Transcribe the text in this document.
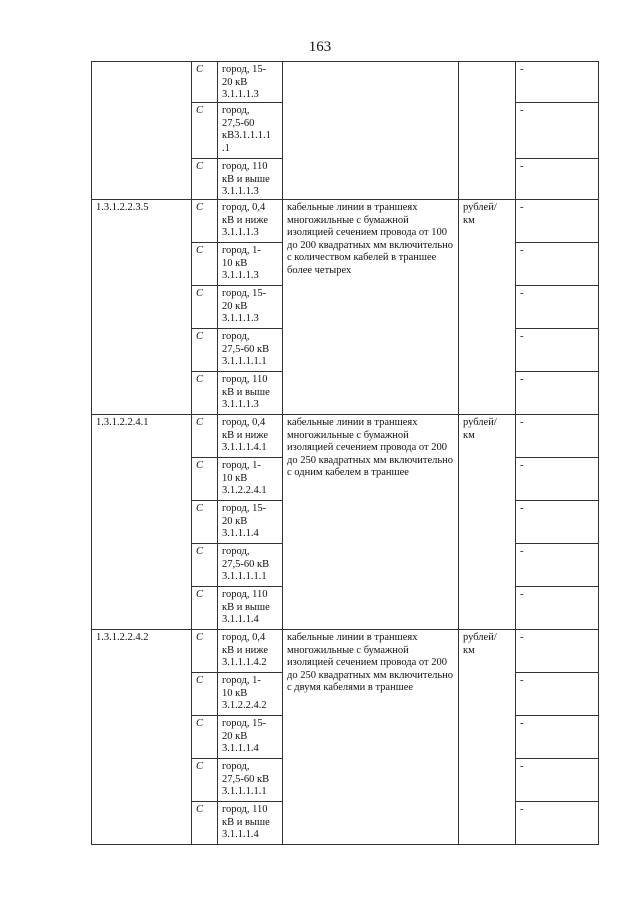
163
	С	город, 15-
20 кВ
3.1.1.1.3			-
	С	город,
27,5-60
кВ3.1.1.1.1
.1			-
	С	город, 110
кВ и выше
3.1.1.1.3			-

1.3.1.2.2.3.5	С	город, 0,4
кВ и ниже
3.1.1.1.3	кабельные линии в траншеях многожильные с бумажной изоляцией сечением провода от 100 до 200 квадратных мм включительно с количеством кабелей в траншее более четырех	рублей/
км	-
	С	город, 1-
10 кВ
3.1.1.1.3			-
	С	город, 15-
20 кВ
3.1.1.1.3			-
	С	город,
27,5-60 кВ
3.1.1.1.1.1			-
	С	город, 110
кВ и выше
3.1.1.1.3			-

1.3.1.2.2.4.1	С	город, 0,4
кВ и ниже
3.1.1.1.4.1	кабельные линии в траншеях многожильные с бумажной изоляцией сечением провода от 200 до 250 квадратных мм включительно с одним кабелем в траншее	рублей/
км	-
	С	город, 1-
10 кВ
3.1.2.2.4.1			-
	С	город, 15-
20 кВ
3.1.1.1.4			-
	С	город,
27,5-60 кВ
3.1.1.1.1.1			-
	С	город, 110
кВ и выше
3.1.1.1.4			-

1.3.1.2.2.4.2	С	город, 0,4
кВ и ниже
3.1.1.1.4.2	кабельные линии в траншеях многожильные с бумажной изоляцией сечением провода от 200 до 250 квадратных мм включительно с двумя кабелями в траншее	рублей/
км	-
	С	город, 1-
10 кВ
3.1.2.2.4.2			-
	С	город, 15-
20 кВ
3.1.1.1.4			-
	С	город,
27,5-60 кВ
3.1.1.1.1.1			-
	С	город, 110
кВ и выше
3.1.1.1.4			-
